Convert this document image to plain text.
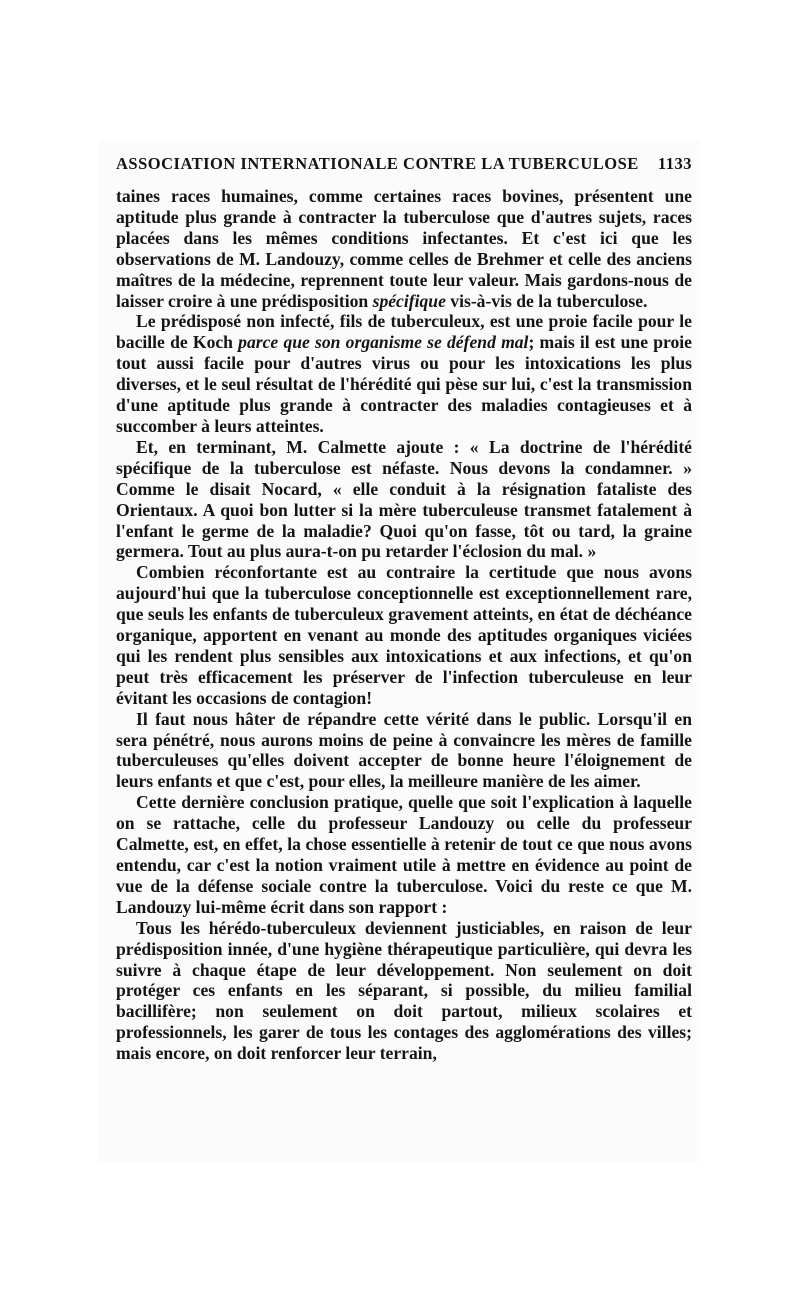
ASSOCIATION INTERNATIONALE CONTRE LA TUBERCULOSE 1133

taines races humaines, comme certaines races bovines, présentent une aptitude plus grande à contracter la tuberculose que d'autres sujets, races placées dans les mêmes conditions infectantes. Et c'est ici que les observations de M. Landouzy, comme celles de Brehmer et celle des anciens maîtres de la médecine, reprennent toute leur valeur. Mais gardons-nous de laisser croire à une prédisposition spécifique vis-à-vis de la tuberculose.

Le prédisposé non infecté, fils de tuberculeux, est une proie facile pour le bacille de Koch parce que son organisme se défend mal; mais il est une proie tout aussi facile pour d'autres virus ou pour les intoxications les plus diverses, et le seul résultat de l'hérédité qui pèse sur lui, c'est la transmission d'une aptitude plus grande à contracter des maladies contagieuses et à succomber à leurs atteintes.

Et, en terminant, M. Calmette ajoute : « La doctrine de l'hérédité spécifique de la tuberculose est néfaste. Nous devons la condamner. » Comme le disait Nocard, « elle conduit à la résignation fataliste des Orientaux. A quoi bon lutter si la mère tuberculeuse transmet fatalement à l'enfant le germe de la maladie? Quoi qu'on fasse, tôt ou tard, la graine germera. Tout au plus aura-t-on pu retarder l'éclosion du mal. »

Combien réconfortante est au contraire la certitude que nous avons aujourd'hui que la tuberculose conceptionnelle est exceptionnellement rare, que seuls les enfants de tuberculeux gravement atteints, en état de déchéance organique, apportent en venant au monde des aptitudes organiques viciées qui les rendent plus sensibles aux intoxications et aux infections, et qu'on peut très efficacement les préserver de l'infection tuberculeuse en leur évitant les occasions de contagion!

Il faut nous hâter de répandre cette vérité dans le public. Lorsqu'il en sera pénétré, nous aurons moins de peine à convaincre les mères de famille tuberculeuses qu'elles doivent accepter de bonne heure l'éloignement de leurs enfants et que c'est, pour elles, la meilleure manière de les aimer.

Cette dernière conclusion pratique, quelle que soit l'explication à laquelle on se rattache, celle du professeur Landouzy ou celle du professeur Calmette, est, en effet, la chose essentielle à retenir de tout ce que nous avons entendu, car c'est la notion vraiment utile à mettre en évidence au point de vue de la défense sociale contre la tuberculose. Voici du reste ce que M. Landouzy lui-même écrit dans son rapport :

Tous les hérédo-tuberculeux deviennent justiciables, en raison de leur prédisposition innée, d'une hygiène thérapeutique particulière, qui devra les suivre à chaque étape de leur développement. Non seulement on doit protéger ces enfants en les séparant, si possible, du milieu familial bacillifère; non seulement on doit partout, milieux scolaires et professionnels, les garer de tous les contages des agglomérations des villes; mais encore, on doit renforcer leur terrain,
